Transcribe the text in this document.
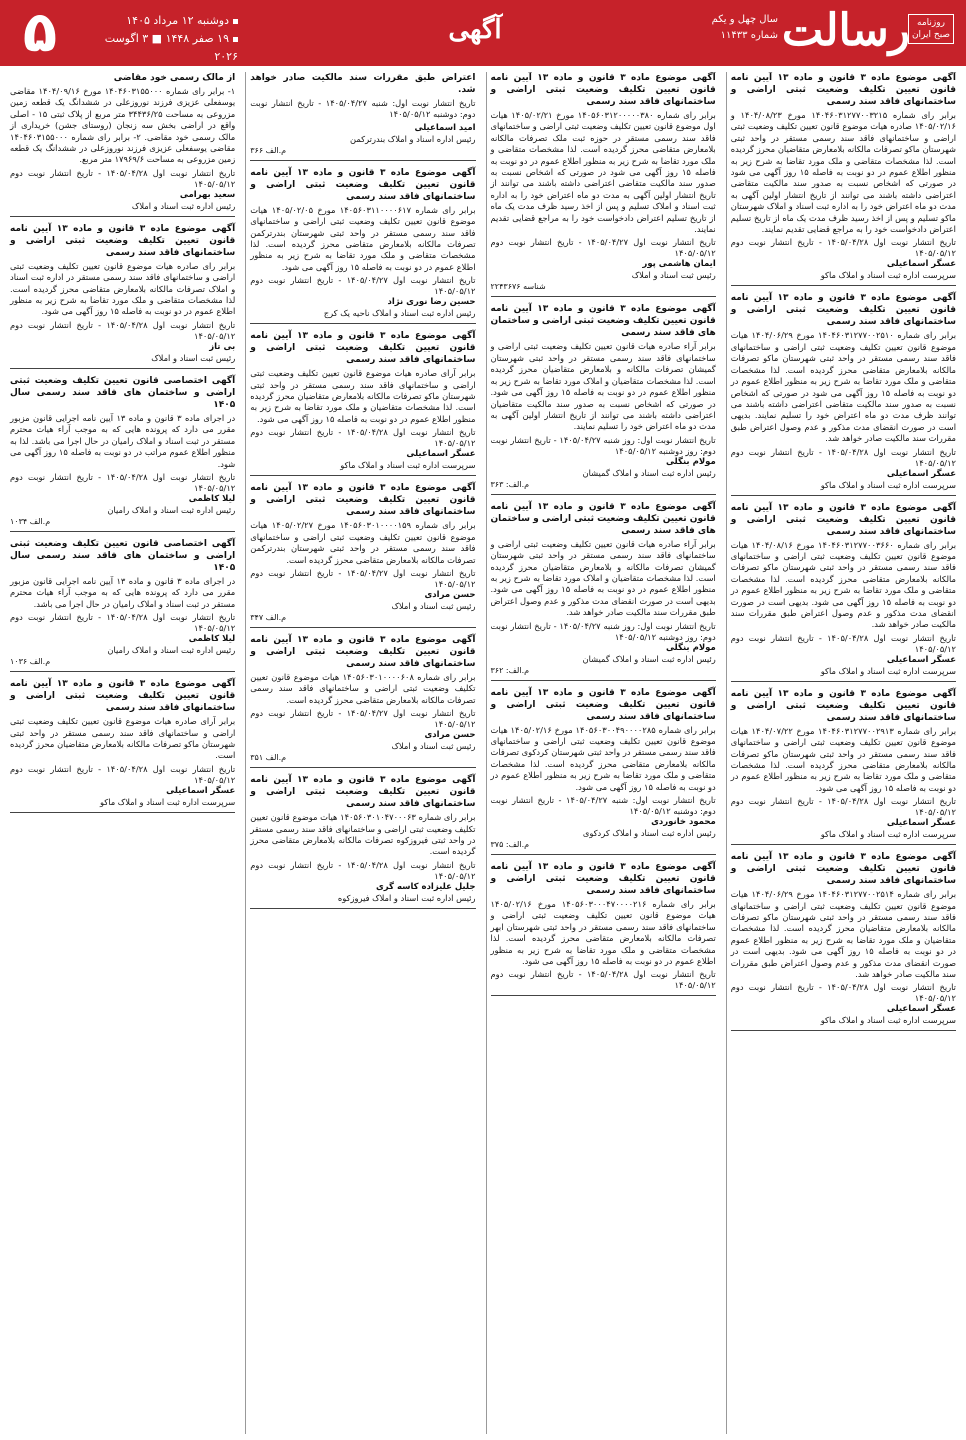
روزنامه صبح ایران
رسالت
سال چهل و یکم
شماره ۱۱۴۳۳
آگهی
دوشنبه ۱۲ مرداد ۱۴۰۵
۱۹ صفر ۱۴۴۸ ■ ۳ اگوست ۲۰۲۶
۵
آگهی موضوع ماده ۳ قانون و ماده ۱۳ آیین نامه قانون تعیین تکلیف وضعیت ثبتی اراضی و ساختمانهای فاقد سند رسمی
برابر رای شماره ۱۴۰۴۶۰۳۱۲۷۷۰۰۳۲۱۵ مورخ ۱۴۰۴/۰۸/۲۳ و ۱۴۰۵/۰۲/۱۶ صادره هیات موضوع قانون تعیین تکلیف وضعیت ثبتی اراضی و ساختمانهای فاقد سند رسمی مستقر در واحد ثبتی شهرستان ماکو تصرفات مالکانه بلامعارض متقاضیان محرز گردیده است. لذا مشخصات متقاضی و ملک مورد تقاضا به شرح زیر به منظور اطلاع عموم در دو نوبت به فاصله ۱۵ روز آگهی می شود در صورتی که اشخاص نسبت به صدور سند مالکیت متقاضی اعتراضی داشته باشند می توانند از تاریخ انتشار اولین آگهی به مدت دو ماه اعتراض خود را به اداره ثبت اسناد و املاک شهرستان ماکو تسلیم و پس از اخذ رسید ظرف مدت یک ماه از تاریخ تسلیم اعتراض دادخواست خود را به مراجع قضایی تقدیم نمایند.
تاریخ انتشار نوبت اول ۱۴۰۵/۰۴/۲۸ - تاریخ انتشار نوبت دوم ۱۴۰۵/۰۵/۱۲
عسگر اسماعیلی
سرپرست اداره ثبت اسناد و املاک ماکو
آگهی موضوع ماده ۳ قانون و ماده ۱۳ آیین نامه قانون تعیین تکلیف وضعیت ثبتی اراضی و ساختمانهای فاقد سند رسمی
برابر رای شماره ۱۴۰۴۶۰۳۱۲۷۷۰۰۲۵۱۰ مورخ ۱۴۰۴/۰۶/۲۹ هیات موضوع قانون تعیین تکلیف وضعیت ثبتی اراضی و ساختمانهای فاقد سند رسمی مستقر در واحد ثبتی شهرستان ماکو تصرفات مالکانه بلامعارض متقاضی محرز گردیده است. لذا مشخصات متقاضی و ملک مورد تقاضا به شرح زیر به منظور اطلاع عموم در دو نوبت به فاصله ۱۵ روز آگهی می شود در صورتی که اشخاص نسبت به صدور سند مالکیت متقاضی اعتراضی داشته باشند می توانند ظرف مدت دو ماه اعتراض خود را تسلیم نمایند. بدیهی است در صورت انقضای مدت مذکور و عدم وصول اعتراض طبق مقررات سند مالکیت صادر خواهد شد.
تاریخ انتشار نوبت اول ۱۴۰۵/۰۴/۲۸ - تاریخ انتشار نوبت دوم ۱۴۰۵/۰۵/۱۲
عسگر اسماعیلی
سرپرست اداره ثبت اسناد و املاک ماکو
آگهی موضوع ماده ۳ قانون و ماده ۱۳ آیین نامه قانون تعیین تکلیف وضعیت ثبتی اراضی و ساختمانهای فاقد سند رسمی
برابر رای شماره ۱۴۰۴۶۰۳۱۲۷۷۰۰۳۶۶۰ مورخ ۱۴۰۴/۰۸/۱۶ هیات موضوع قانون تعیین تکلیف وضعیت ثبتی اراضی و ساختمانهای فاقد سند رسمی مستقر در واحد ثبتی شهرستان ماکو تصرفات مالکانه بلامعارض متقاضی محرز گردیده است. لذا مشخصات متقاضی و ملک مورد تقاضا به شرح زیر به منظور اطلاع عموم در دو نوبت به فاصله ۱۵ روز آگهی می شود. بدیهی است در صورت انقضای مدت مذکور و عدم وصول اعتراض طبق مقررات سند مالکیت صادر خواهد شد.
تاریخ انتشار نوبت اول ۱۴۰۵/۰۴/۲۸ - تاریخ انتشار نوبت دوم ۱۴۰۵/۰۵/۱۲
عسگر اسماعیلی
سرپرست اداره ثبت اسناد و املاک ماکو
آگهی موضوع ماده ۳ قانون و ماده ۱۳ آیین نامه قانون تعیین تکلیف وضعیت ثبتی اراضی و ساختمانهای فاقد سند رسمی
برابر رای شماره ۱۴۰۴۶۰۳۱۲۷۷۰۰۲۹۱۳ مورخ ۱۴۰۴/۰۷/۲۲ هیات موضوع قانون تعیین تکلیف وضعیت ثبتی اراضی و ساختمانهای فاقد سند رسمی مستقر در واحد ثبتی شهرستان ماکو تصرفات مالکانه بلامعارض متقاضی محرز گردیده است. لذا مشخصات متقاضی و ملک مورد تقاضا به شرح زیر به منظور اطلاع عموم در دو نوبت به فاصله ۱۵ روز آگهی می شود.
تاریخ انتشار نوبت اول ۱۴۰۵/۰۴/۲۸ - تاریخ انتشار نوبت دوم ۱۴۰۵/۰۵/۱۲
عسگر اسماعیلی
سرپرست اداره ثبت اسناد و املاک ماکو
آگهی موضوع ماده ۳ قانون و ماده ۱۳ آیین نامه قانون تعیین تکلیف وضعیت ثبتی اراضی و ساختمانهای فاقد سند رسمی
برابر رای شماره ۱۴۰۴۶۰۳۱۲۷۷۰۰۲۵۱۴ مورخ ۱۴۰۴/۰۶/۲۹ هیات موضوع قانون تعیین تکلیف وضعیت ثبتی اراضی و ساختمانهای فاقد سند رسمی مستقر در واحد ثبتی شهرستان ماکو تصرفات مالکانه بلامعارض متقاضیان محرز گردیده است. لذا مشخصات متقاضیان و ملک مورد تقاضا به شرح زیر به منظور اطلاع عموم در دو نوبت به فاصله ۱۵ روز آگهی می شود. بدیهی است در صورت انقضای مدت مذکور و عدم وصول اعتراض طبق مقررات سند مالکیت صادر خواهد شد.
تاریخ انتشار نوبت اول ۱۴۰۵/۰۴/۲۸ - تاریخ انتشار نوبت دوم ۱۴۰۵/۰۵/۱۲
عسگر اسماعیلی
سرپرست اداره ثبت اسناد و املاک ماکو
آگهی موضوع ماده ۳ قانون و ماده ۱۳ آیین نامه قانون تعیین تکلیف وضعیت ثبتی اراضی و ساختمانهای فاقد سند رسمی
برابر رای شماره ۱۴۰۵۶۰۳۱۲۰۰۰۰۰۳۸۰ مورخ ۱۴۰۵/۰۲/۲۱ هیات اول موضوع قانون تعیین تکلیف وضعیت ثبتی اراضی و ساختمانهای فاقد سند رسمی مستقر در حوزه ثبت ملک تصرفات مالکانه بلامعارض متقاضی محرز گردیده است. لذا مشخصات متقاضی و ملک مورد تقاضا به شرح زیر به منظور اطلاع عموم در دو نوبت به فاصله ۱۵ روز آگهی می شود در صورتی که اشخاص نسبت به صدور سند مالکیت متقاضی اعتراضی داشته باشند می توانند از تاریخ انتشار اولین آگهی به مدت دو ماه اعتراض خود را به اداره ثبت اسناد و املاک تسلیم و پس از اخذ رسید ظرف مدت یک ماه از تاریخ تسلیم اعتراض دادخواست خود را به مراجع قضایی تقدیم نمایند.
تاریخ انتشار نوبت اول ۱۴۰۵/۰۴/۲۷ - تاریخ انتشار نوبت دوم ۱۴۰۵/۰۵/۱۲
ایمان هاشمی پور
رئیس ثبت اسناد و املاک
شناسه ۲۲۴۳۶۷۶
آگهی موضوع ماده ۳ قانون و ماده ۱۳ آیین نامه قانون تعیین تکلیف وضعیت ثبتی اراضی و ساختمان های فاقد سند رسمی
برابر آراء صادره هیات قانون تعیین تکلیف وضعیت ثبتی اراضی و ساختمانهای فاقد سند رسمی مستقر در واحد ثبتی شهرستان گمیشان تصرفات مالکانه و بلامعارض متقاضیان محرز گردیده است. لذا مشخصات متقاضیان و املاک مورد تقاضا به شرح زیر به منظور اطلاع عموم در دو نوبت به فاصله ۱۵ روز آگهی می شود. در صورتی که اشخاص نسبت به صدور سند مالکیت متقاضیان اعتراضی داشته باشند می توانند از تاریخ انتشار اولین آگهی به مدت دو ماه اعتراض خود را تسلیم نمایند.
تاریخ انتشار نوبت اول: روز شنبه ۱۴۰۵/۰۴/۲۷ - تاریخ انتشار نوبت دوم: روز دوشنبه ۱۴۰۵/۰۵/۱۲
مولام بنگلی
رئیس اداره ثبت اسناد و املاک گمیشان
م.الف: ۳۶۳
آگهی موضوع ماده ۳ قانون و ماده ۱۳ آیین نامه قانون تعیین تکلیف وضعیت ثبتی اراضی و ساختمان های فاقد سند رسمی
برابر آراء صادره هیات قانون تعیین تکلیف وضعیت ثبتی اراضی و ساختمانهای فاقد سند رسمی مستقر در واحد ثبتی شهرستان گمیشان تصرفات مالکانه و بلامعارض متقاضیان محرز گردیده است. لذا مشخصات متقاضیان و املاک مورد تقاضا به شرح زیر به منظور اطلاع عموم در دو نوبت به فاصله ۱۵ روز آگهی می شود. بدیهی است در صورت انقضای مدت مذکور و عدم وصول اعتراض طبق مقررات سند مالکیت صادر خواهد شد.
تاریخ انتشار نوبت اول: روز شنبه ۱۴۰۵/۰۴/۲۷ - تاریخ انتشار نوبت دوم: روز دوشنبه ۱۴۰۵/۰۵/۱۲
مولام بنگلی
رئیس اداره ثبت اسناد و املاک گمیشان
م.الف: ۳۶۲
آگهی موضوع ماده ۳ قانون و ماده ۱۳ آیین نامه قانون تعیین تکلیف وضعیت ثبتی اراضی و ساختمانهای فاقد سند رسمی
برابر رای شماره ۱۴۰۵۶۰۳۰۰۴۹۰۰۰۰۲۸۵ مورخ ۱۴۰۵/۰۲/۱۶ هیات موضوع قانون تعیین تکلیف وضعیت ثبتی اراضی و ساختمانهای فاقد سند رسمی مستقر در واحد ثبتی شهرستان کردکوی تصرفات مالکانه بلامعارض متقاضی محرز گردیده است. لذا مشخصات متقاضی و ملک مورد تقاضا به شرح زیر به منظور اطلاع عموم در دو نوبت به فاصله ۱۵ روز آگهی می شود.
تاریخ انتشار نوبت اول: شنبه ۱۴۰۵/۰۴/۲۷ - تاریخ انتشار نوبت دوم: دوشنبه ۱۴۰۵/۰۵/۱۲
محمود خانوردی
رئیس اداره ثبت اسناد و املاک کردکوی
م.الف: ۳۷۵
آگهی موضوع ماده ۳ قانون و ماده ۱۳ آیین نامه قانون تعیین تکلیف وضعیت ثبتی اراضی و ساختمانهای فاقد سند رسمی
برابر رای شماره ۱۴۰۵۶۰۳۰۰۰۴۷۰۰۰۰۲۱۶ مورخ ۱۴۰۵/۰۲/۱۶ هیات موضوع قانون تعیین تکلیف وضعیت ثبتی اراضی و ساختمانهای فاقد سند رسمی مستقر در واحد ثبتی شهرستان ابهر تصرفات مالکانه بلامعارض متقاضی محرز گردیده است. لذا مشخصات متقاضی و ملک مورد تقاضا به شرح زیر به منظور اطلاع عموم در دو نوبت به فاصله ۱۵ روز آگهی می شود.
تاریخ انتشار نوبت اول ۱۴۰۵/۰۴/۲۸ - تاریخ انتشار نوبت دوم ۱۴۰۵/۰۵/۱۲
اعتراض طبق مقررات سند مالکیت صادر خواهد شد.
تاریخ انتشار نوبت اول: شنبه ۱۴۰۵/۰۴/۲۷ - تاریخ انتشار نوبت دوم: دوشنبه ۱۴۰۵/۰۵/۱۲
امید اسماعیلی
رئیس اداره اسناد و املاک بندرترکمن
م.الف ۳۶۶
آگهی موضوع ماده ۳ قانون و ماده ۱۳ آیین نامه قانون تعیین تکلیف وضعیت ثبتی اراضی و ساختمانهای فاقد سند رسمی
برابر رای شماره ۱۴۰۵۶۰۳۱۱۰۰۰۰۶۱۷ مورخ ۱۴۰۵/۰۲/۰۵ هیات موضوع قانون تعیین تکلیف وضعیت ثبتی اراضی و ساختمانهای فاقد سند رسمی مستقر در واحد ثبتی شهرستان بندرترکمن تصرفات مالکانه بلامعارض متقاضی محرز گردیده است. لذا مشخصات متقاضی و ملک مورد تقاضا به شرح زیر به منظور اطلاع عموم در دو نوبت به فاصله ۱۵ روز آگهی می شود.
تاریخ انتشار نوبت اول ۱۴۰۵/۰۴/۲۷ - تاریخ انتشار نوبت دوم ۱۴۰۵/۰۵/۱۲
حسین رضا نوری نژاد
رئیس اداره ثبت اسناد و املاک ناحیه یک کرج
آگهی موضوع ماده ۳ قانون و ماده ۱۳ آیین نامه قانون تعیین تکلیف وضعیت ثبتی اراضی و ساختمانهای فاقد سند رسمی
برابر آرای صادره هیات موضوع قانون تعیین تکلیف وضعیت ثبتی اراضی و ساختمانهای فاقد سند رسمی مستقر در واحد ثبتی شهرستان ماکو تصرفات مالکانه بلامعارض متقاضیان محرز گردیده است. لذا مشخصات متقاضیان و ملک مورد تقاضا به شرح زیر به منظور اطلاع عموم در دو نوبت به فاصله ۱۵ روز آگهی می شود.
تاریخ انتشار نوبت اول ۱۴۰۵/۰۴/۲۸ - تاریخ انتشار نوبت دوم ۱۴۰۵/۰۵/۱۲
عسگر اسماعیلی
سرپرست اداره ثبت اسناد و املاک ماکو
آگهی موضوع ماده ۳ قانون و ماده ۱۳ آیین نامه قانون تعیین تکلیف وضعیت ثبتی اراضی و ساختمانهای فاقد سند رسمی
برابر رای شماره ۱۴۰۵۶۰۳۰۱۰۰۰۰۱۵۹ مورخ ۱۴۰۵/۰۲/۲۷ هیات موضوع قانون تعیین تکلیف وضعیت ثبتی اراضی و ساختمانهای فاقد سند رسمی مستقر در واحد ثبتی شهرستان بندرترکمن تصرفات مالکانه بلامعارض متقاضی محرز گردیده است.
تاریخ انتشار نوبت اول ۱۴۰۵/۰۴/۲۷ - تاریخ انتشار نوبت دوم ۱۴۰۵/۰۵/۱۲
حسن مرادی
رئیس ثبت اسناد و املاک
م.الف ۳۴۷
آگهی موضوع ماده ۳ قانون و ماده ۱۳ آیین نامه قانون تعیین تکلیف وضعیت ثبتی اراضی و ساختمانهای فاقد سند رسمی
برابر رای شماره ۱۴۰۵۶۰۳۰۱۰۰۰۰۶۰۸ هیات موضوع قانون تعیین تکلیف وضعیت ثبتی اراضی و ساختمانهای فاقد سند رسمی تصرفات مالکانه بلامعارض متقاضی محرز گردیده است.
تاریخ انتشار نوبت اول ۱۴۰۵/۰۴/۲۷ - تاریخ انتشار نوبت دوم ۱۴۰۵/۰۵/۱۲
حسن مرادی
رئیس ثبت اسناد و املاک
م.الف ۳۵۱
آگهی موضوع ماده ۳ قانون و ماده ۱۳ آیین نامه قانون تعیین تکلیف وضعیت ثبتی اراضی و ساختمانهای فاقد سند رسمی
برابر رای شماره ۱۴۰۵۶۰۳۰۱۰۴۷۰۰۰۶۳ هیات موضوع قانون تعیین تکلیف وضعیت ثبتی اراضی و ساختمانهای فاقد سند رسمی مستقر در واحد ثبتی فیروزکوه تصرفات مالکانه بلامعارض متقاضی محرز گردیده است.
تاریخ انتشار نوبت اول ۱۴۰۵/۰۴/۲۸ - تاریخ انتشار نوبت دوم ۱۴۰۵/۰۵/۱۲
جلیل علیزاده کاسه گری
رئیس اداره ثبت اسناد و املاک فیروزکوه
از مالک رسمی خود مقاضی
۱- برابر رای شماره ۱۴۰۴۶۰۳۱۵۵۰۰۰ مورخ ۱۴۰۴/۰۹/۱۶ مقاضی یوسفعلی عزیزی فرزند نوروزعلی در ششدانگ یک قطعه زمین مزروعی به مساحت ۳۴۴۳۶/۲۵ متر مربع از پلاک ثبتی ۱۵ - اصلی واقع در اراضی بخش سه زنجان (روستای جشن) خریداری از مالک رسمی خود مقاضی. ۲- برابر رای شماره ۱۴۰۴۶۰۳۱۵۵۰۰۰ مقاضی یوسفعلی عزیزی فرزند نوروزعلی در ششدانگ یک قطعه زمین مزروعی به مساحت ۱۷۹۶۹/۶ متر مربع.
تاریخ انتشار نوبت اول ۱۴۰۵/۰۴/۲۸ - تاریخ انتشار نوبت دوم ۱۴۰۵/۰۵/۱۲
سعید بهرامی
رئیس اداره ثبت اسناد و املاک
آگهی موضوع ماده ۳ قانون و ماده ۱۳ آیین نامه قانون تعیین تکلیف وضعیت ثبتی اراضی و ساختمانهای فاقد سند رسمی
برابر رای صادره هیات موضوع قانون تعیین تکلیف وضعیت ثبتی اراضی و ساختمانهای فاقد سند رسمی مستقر در اداره ثبت اسناد و املاک تصرفات مالکانه بلامعارض متقاضی محرز گردیده است. لذا مشخصات متقاضی و ملک مورد تقاضا به شرح زیر به منظور اطلاع عموم در دو نوبت به فاصله ۱۵ روز آگهی می شود.
تاریخ انتشار نوبت اول ۱۴۰۵/۰۴/۲۸ - تاریخ انتشار نوبت دوم ۱۴۰۵/۰۵/۱۲
بی تاز
رئیس ثبت اسناد و املاک
آگهی اختصاصی قانون تعیین تکلیف وضعیت ثبتی اراضی و ساختمان های فاقد سند رسمی سال ۱۴۰۵
در اجرای ماده ۳ قانون و ماده ۱۳ آیین نامه اجرایی قانون مزبور مقرر می دارد که پرونده هایی که به موجب آراء هیات محترم مستقر در ثبت اسناد و املاک رامیان در حال اجرا می باشد. لذا به منظور اطلاع عموم مراتب در دو نوبت به فاصله ۱۵ روز آگهی می شود.
تاریخ انتشار نوبت اول ۱۴۰۵/۰۴/۲۸ - تاریخ انتشار نوبت دوم ۱۴۰۵/۰۵/۱۲
لیلا کاظمی
رئیس اداره ثبت اسناد و املاک رامیان
م.الف ۱۰۳۴
آگهی اختصاصی قانون تعیین تکلیف وضعیت ثبتی اراضی و ساختمان های فاقد سند رسمی سال ۱۴۰۵
در اجرای ماده ۳ قانون و ماده ۱۳ آیین نامه اجرایی قانون مزبور مقرر می دارد که پرونده هایی که به موجب آراء هیات محترم مستقر در ثبت اسناد و املاک رامیان در حال اجرا می باشد.
تاریخ انتشار نوبت اول ۱۴۰۵/۰۴/۲۸ - تاریخ انتشار نوبت دوم ۱۴۰۵/۰۵/۱۲
لیلا کاظمی
رئیس اداره ثبت اسناد و املاک رامیان
م.الف ۱۰۳۶
آگهی موضوع ماده ۳ قانون و ماده ۱۳ آیین نامه قانون تعیین تکلیف وضعیت ثبتی اراضی و ساختمانهای فاقد سند رسمی
برابر آرای صادره هیات موضوع قانون تعیین تکلیف وضعیت ثبتی اراضی و ساختمانهای فاقد سند رسمی مستقر در واحد ثبتی شهرستان ماکو تصرفات مالکانه بلامعارض متقاضیان محرز گردیده است.
تاریخ انتشار نوبت اول ۱۴۰۵/۰۴/۲۸ - تاریخ انتشار نوبت دوم ۱۴۰۵/۰۵/۱۲
عسگر اسماعیلی
سرپرست اداره ثبت اسناد و املاک ماکو
